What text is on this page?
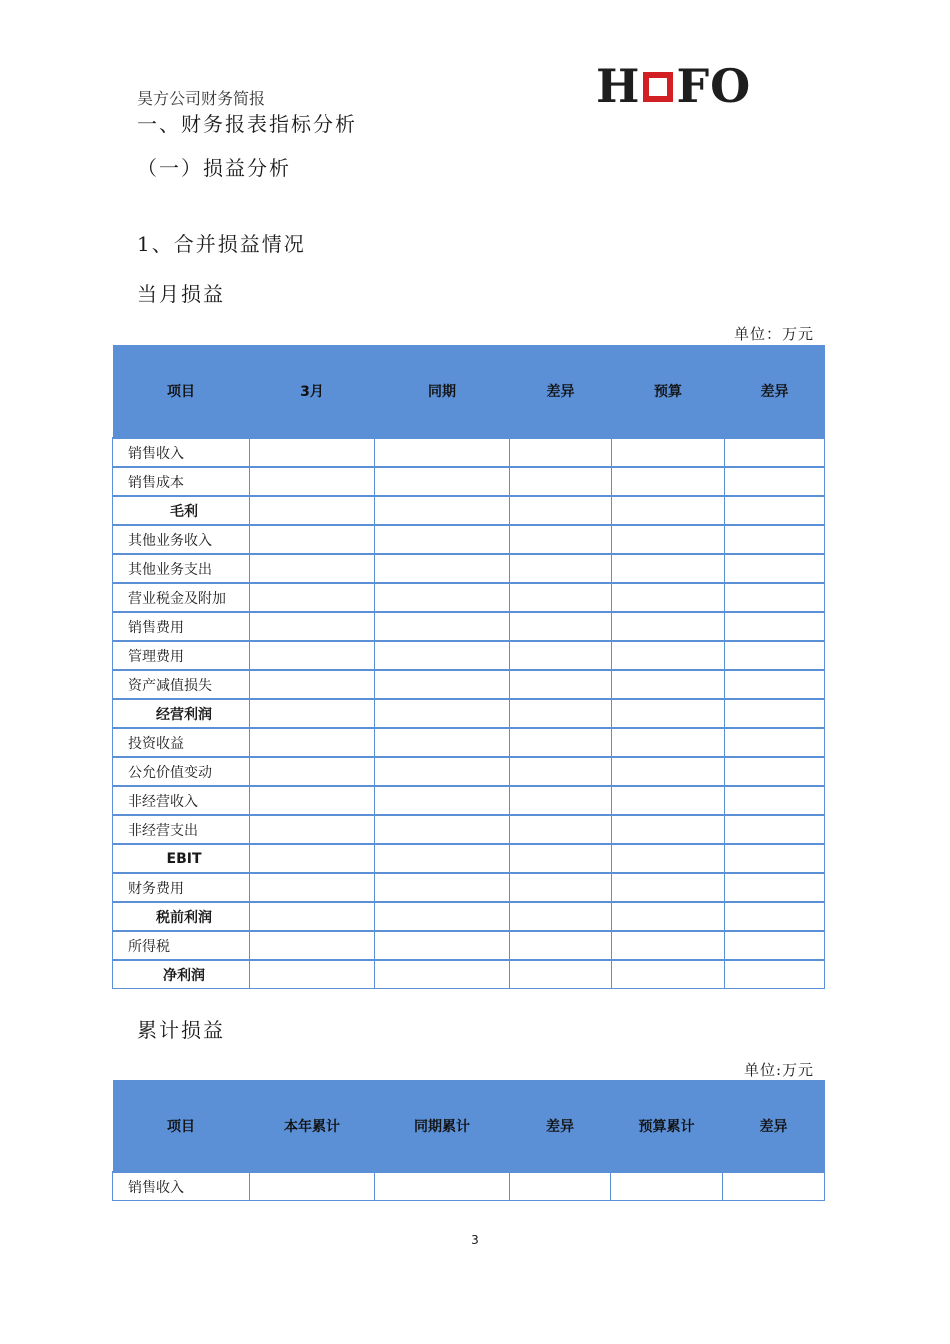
昊方公司财务简报	H FO
一、财务报表指标分析
（一）损益分析
1、合并损益情况
当月损益
单位：万元
项目	3月	同期	差异	预算	差异
销售收入					
销售成本					
毛利					
其他业务收入					
其他业务支出					
营业税金及附加					
销售费用					
管理费用					
资产减值损失					
经营利润					
投资收益					
公允价值变动					
非经营收入					
非经营支出					
EBIT					
财务费用					
税前利润					
所得税					
净利润					
累计损益
单位:万元
项目	本年累计	同期累计	差异	预算累计	差异
销售收入					
3
